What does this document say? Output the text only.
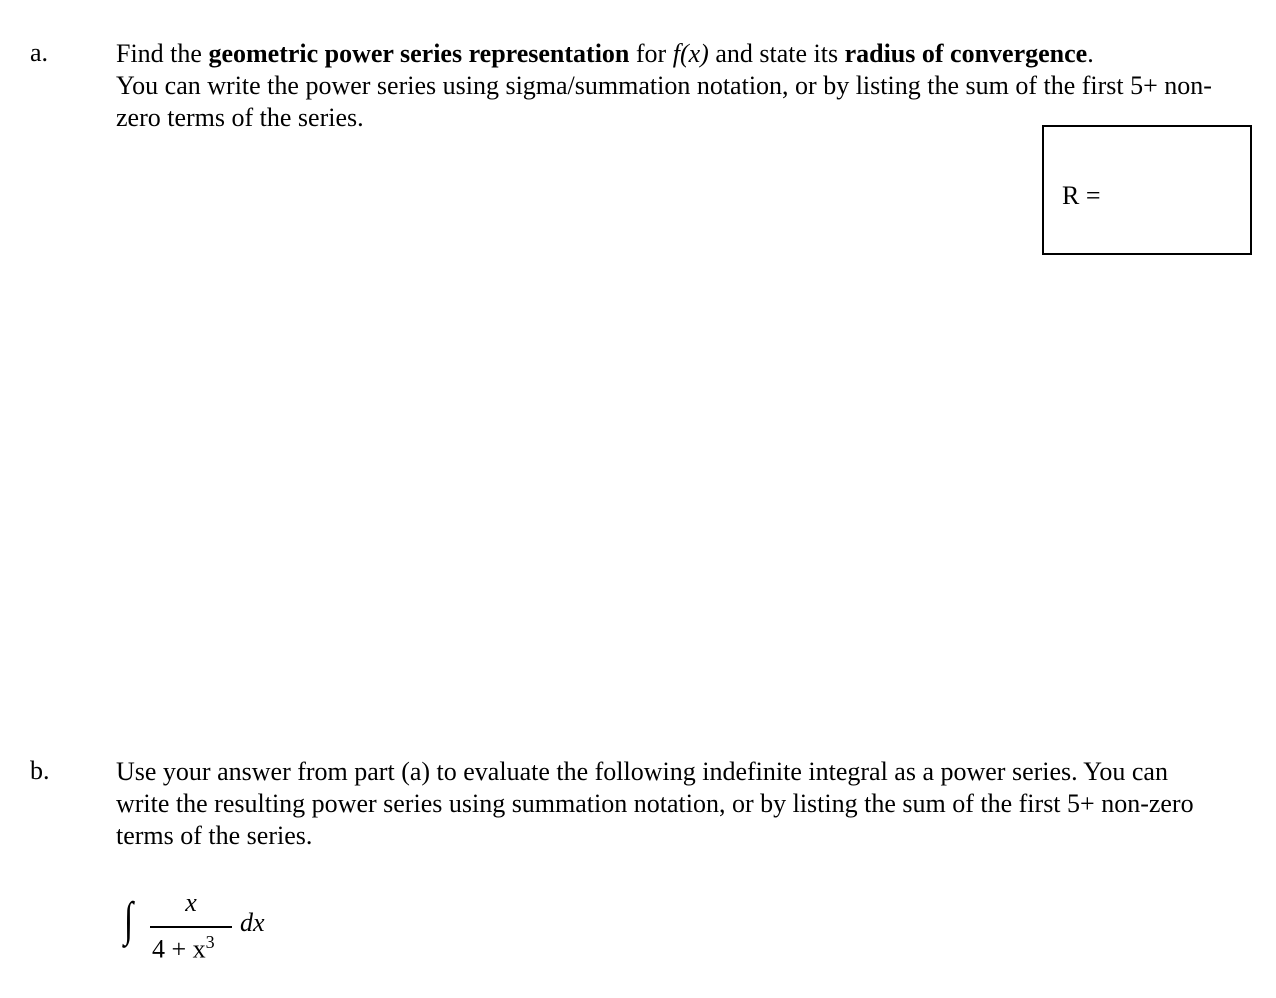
a.	Find the geometric power series representation for f(x) and state its radius of convergence.
You can write the power series using sigma/summation notation, or by listing the sum of the first 5+ non-zero terms of the series.
R =
b.	Use your answer from part (a) to evaluate the following indefinite integral as a power series. You can write the resulting power series using summation notation, or by listing the sum of the first 5+ non-zero terms of the series.
∫	x
$4 + x^3$
dx
